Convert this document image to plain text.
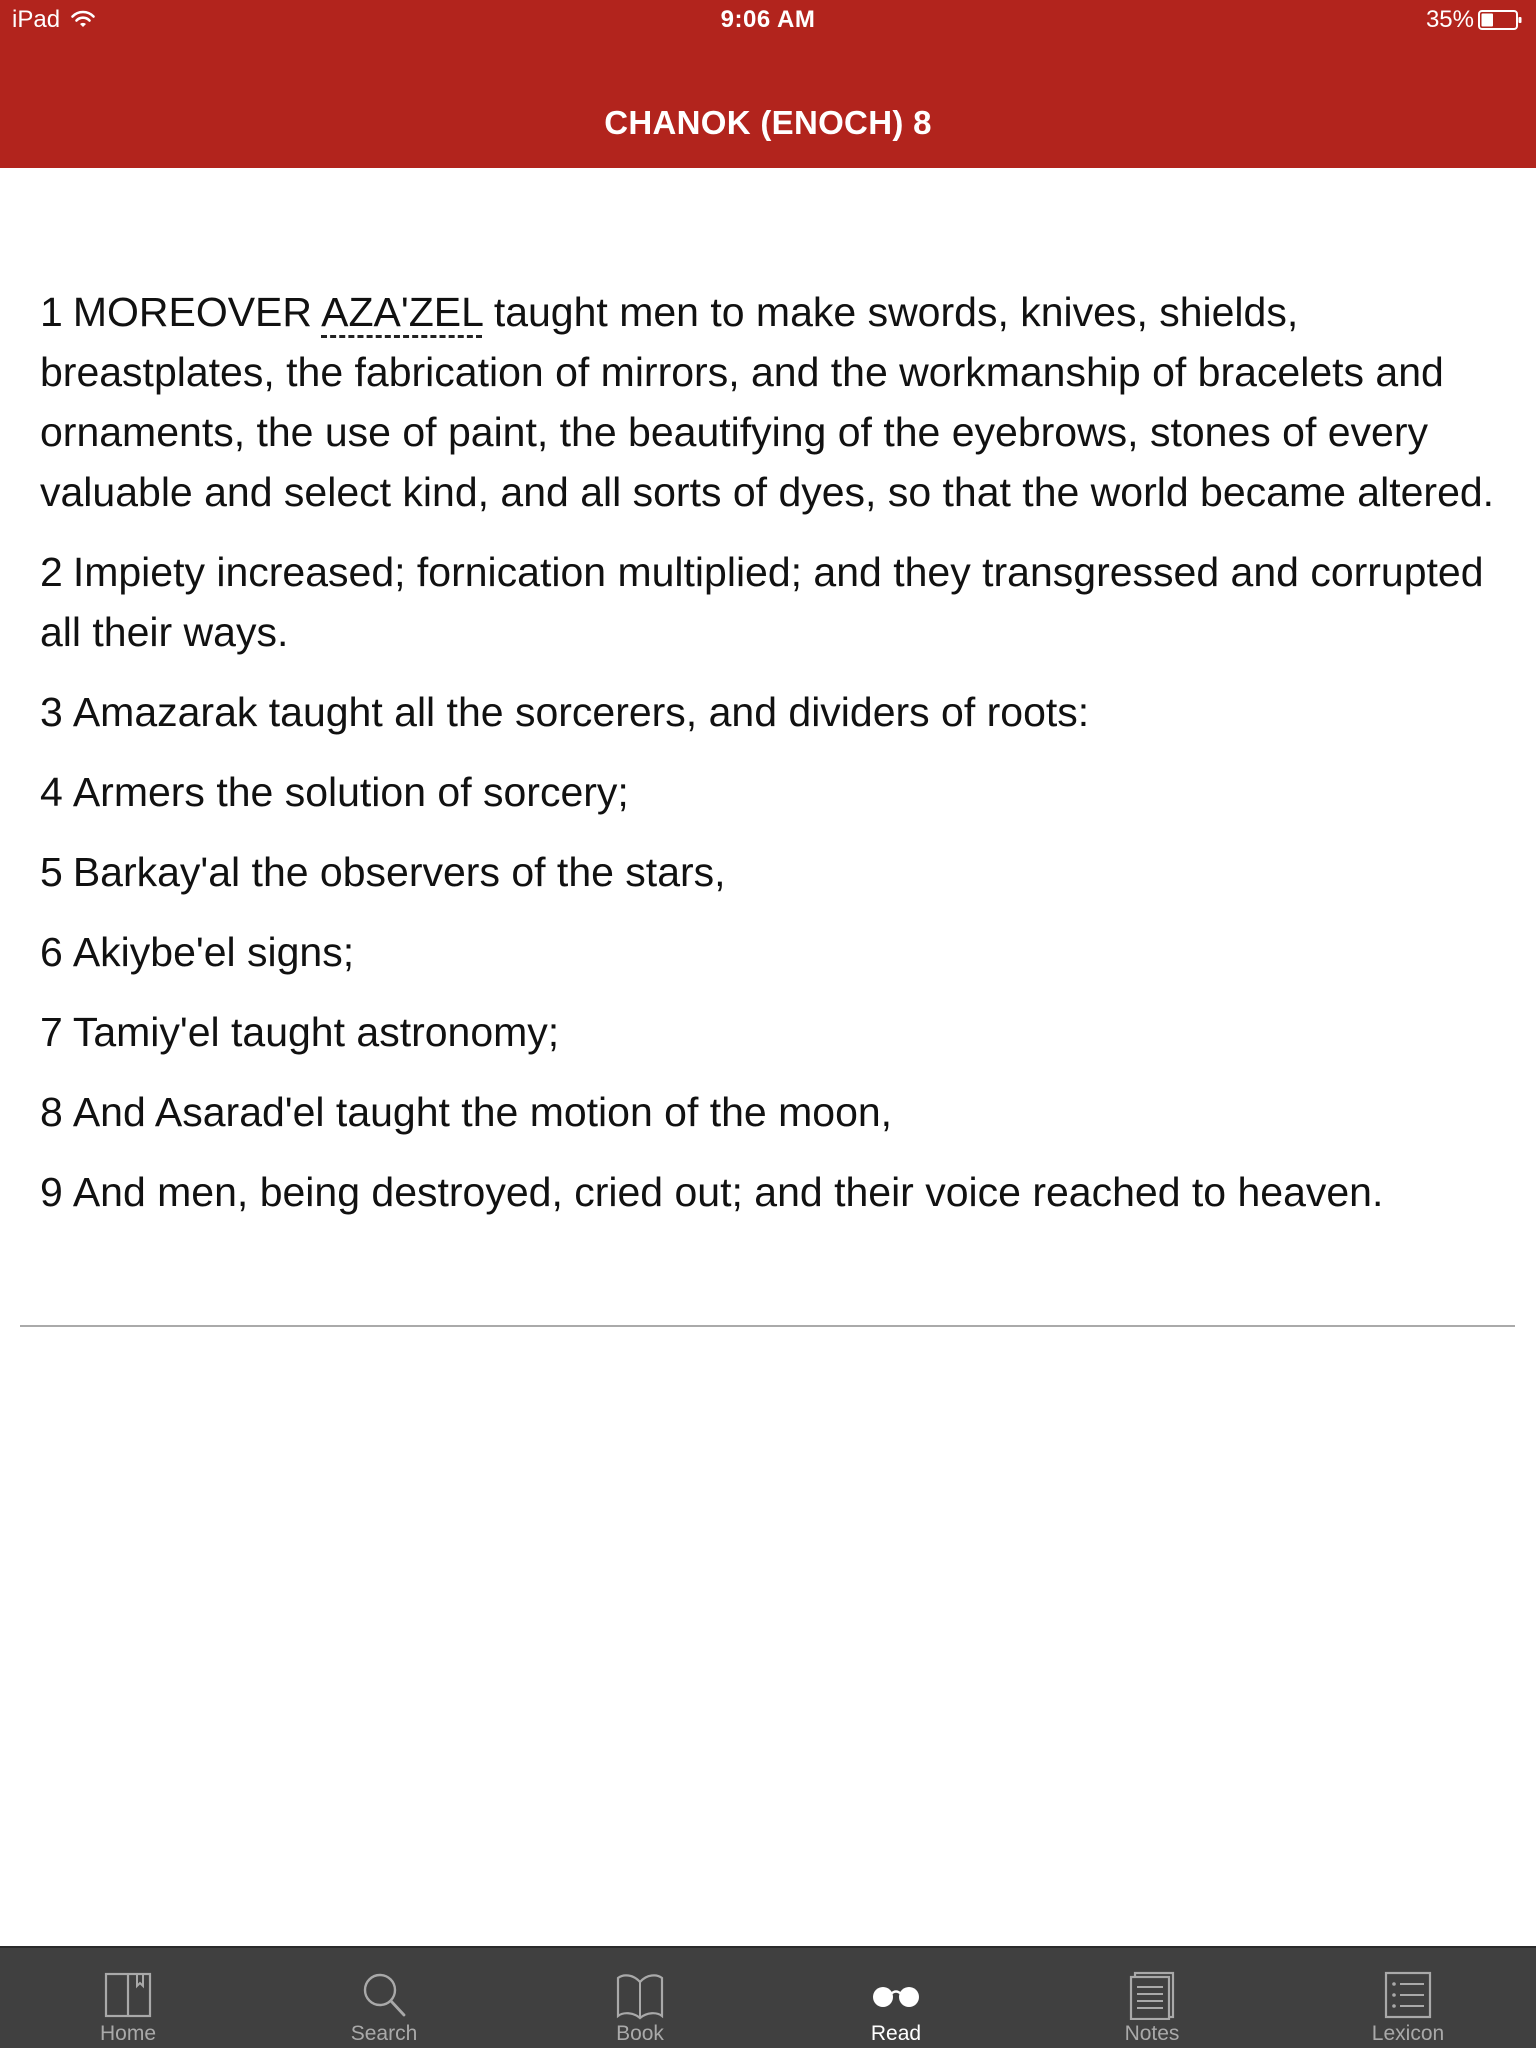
iPad	9:06 AM	35%
CHANOK (ENOCH) 8

1 MOREOVER AZA'ZEL taught men to make swords, knives, shields, breastplates, the fabrication of mirrors, and the workmanship of bracelets and ornaments, the use of paint, the beautifying of the eyebrows, stones of every valuable and select kind, and all sorts of dyes, so that the world became altered.

2 Impiety increased; fornication multiplied; and they transgressed and corrupted all their ways.

3 Amazarak taught all the sorcerers, and dividers of roots:

4 Armers the solution of sorcery;

5 Barkay'al the observers of the stars,

6 Akiybe'el signs;

7 Tamiy'el taught astronomy;

8 And Asarad'el taught the motion of the moon,

9 And men, being destroyed, cried out; and their voice reached to heaven.

Home	Search	Book	Read	Notes	Lexicon
